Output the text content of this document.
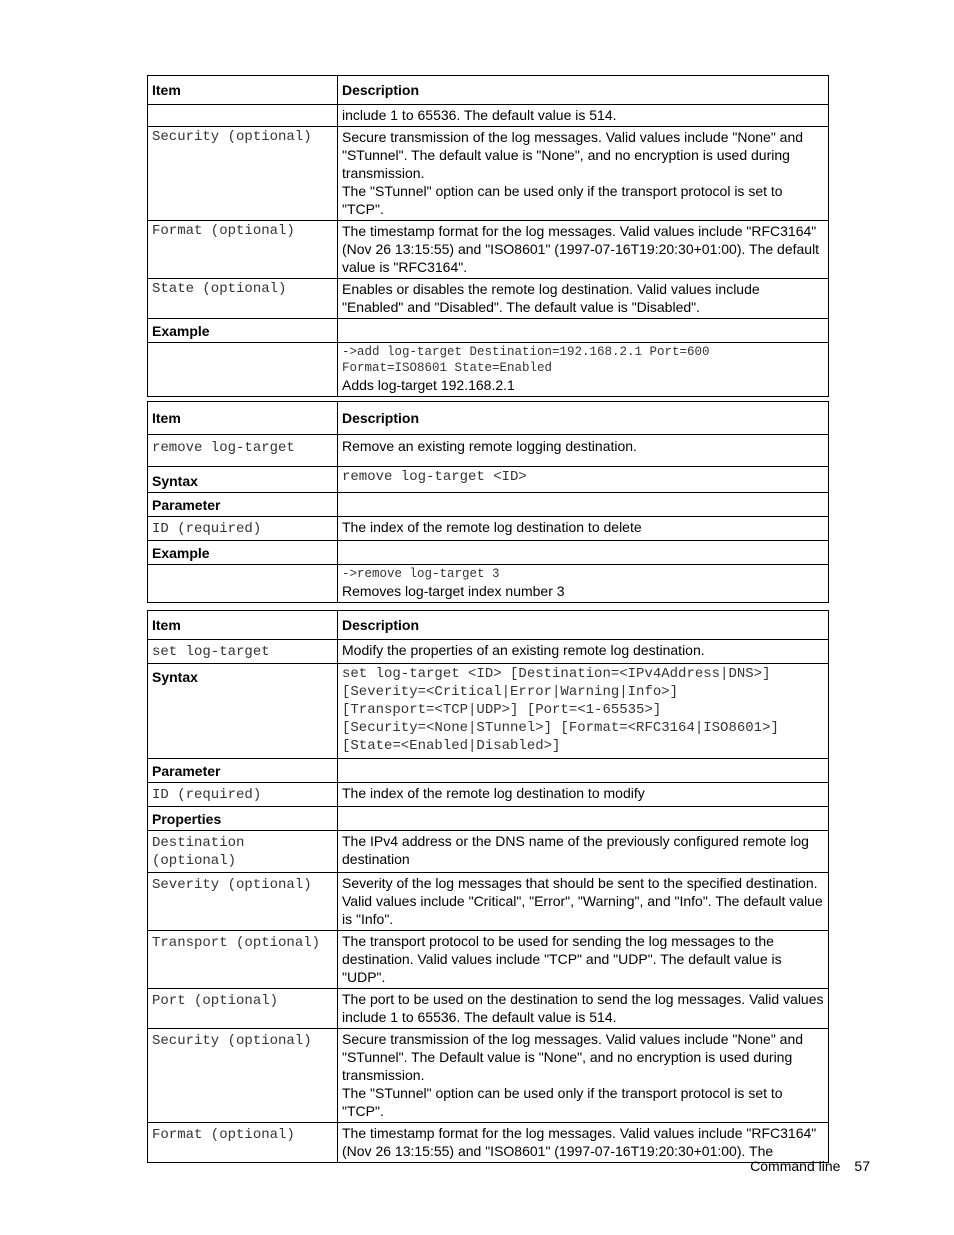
Item	Description
	include 1 to 65536. The default value is 514.
Security (optional)	Secure transmission of the log messages. Valid values include "None" and "STunnel". The default value is "None", and no encryption is used during transmission.
The "STunnel" option can be used only if the transport protocol is set to "TCP".

Format (optional)	The timestamp format for the log messages. Valid values include "RFC3164" (Nov 26 13:15:55) and "ISO8601" (1997-07-16T19:20:30+01:00). The default value is "RFC3164".
State (optional)	Enables or disables the remote log destination. Valid values include "Enabled" and "Disabled". The default value is "Disabled".
Example	

	->add log-target Destination=192.168.2.1 Port=600
Format=ISO8601 State=Enabled
Adds log-target 192.168.2.1
Item	Description
remove log-target	Remove an existing remote logging destination.
Syntax	remove log-target <ID>
Parameter	
ID (required)	The index of the remote log destination to delete
Example	

	->remove log-target 3
Removes log-target index number 3
Item	Description
set log-target	Modify the properties of an existing remote log destination.
Syntax	set log-target <ID> [Destination=<IPv4Address|DNS>]
[Severity=<Critical|Error|Warning|Info>]
[Transport=<TCP|UDP>] [Port=<1-65535>]
[Security=<None|STunnel>] [Format=<RFC3164|ISO8601>]
[State=<Enabled|Disabled>]
Parameter	
ID (required)	The index of the remote log destination to modify
Properties	
Destination
(optional)	The IPv4 address or the DNS name of the previously configured remote log destination
Severity (optional)	Severity of the log messages that should be sent to the specified destination. Valid values include "Critical", "Error", "Warning", and "Info". The default value is "Info".
Transport (optional)	The transport protocol to be used for sending the log messages to the destination. Valid values include "TCP" and "UDP". The default value is "UDP".
Port (optional)	The port to be used on the destination to send the log messages. Valid values include 1 to 65536. The default value is 514.
Security (optional)	Secure transmission of the log messages. Valid values include "None" and "STunnel". The Default value is "None", and no encryption is used during transmission.
The "STunnel" option can be used only if the transport protocol is set to "TCP".

Format (optional)	The timestamp format for the log messages. Valid values include "RFC3164" (Nov 26 13:15:55) and "ISO8601" (1997-07-16T19:20:30+01:00). The
Command line 57
